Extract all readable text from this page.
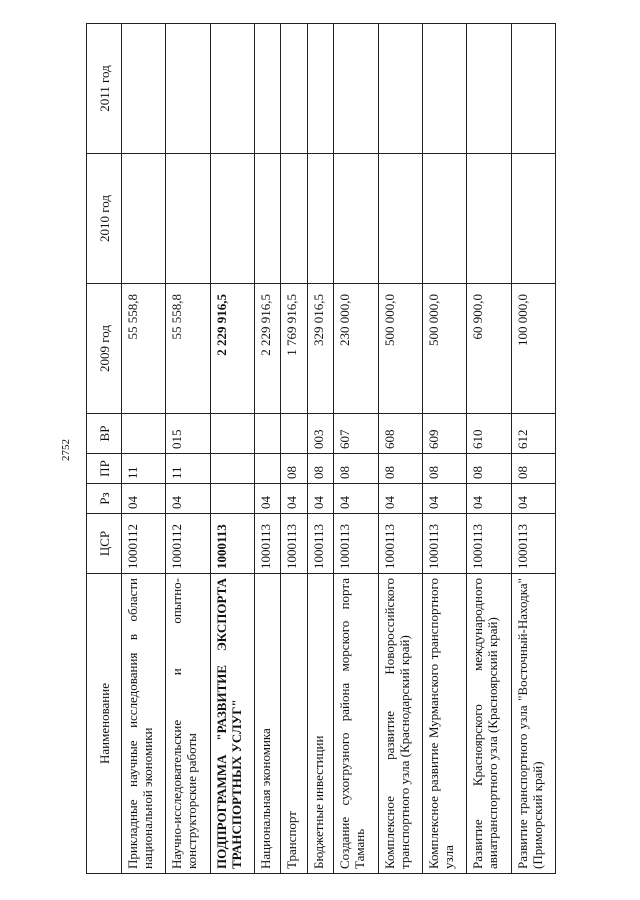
2752
Наименование	ЦСР	Рз	ПР	ВР	2009 год	2010 год	2011 год
Прикладные научные исследования в области национальной экономики	1000112	04	11		55 558,8		
Научно-исследовательские и опытно-конструкторские работы	1000112	04	11	015	55 558,8		
ПОДПРОГРАММА "РАЗВИТИЕ ЭКСПОРТА ТРАНСПОРТНЫХ УСЛУГ"	1000113				2 229 916,5		
Национальная экономика	1000113	04			2 229 916,5		
Транспорт	1000113	04	08		1 769 916,5		
Бюджетные инвестиции	1000113	04	08	003	329 016,5		
Создание сухогрузного района морского порта Тамань	1000113	04	08	607	230 000,0		
Комплексное развитие Новороссийского транспортного узла (Краснодарский край)	1000113	04	08	608	500 000,0		
Комплексное развитие Мурманского транспортного узла	1000113	04	08	609	500 000,0		
Развитие Красноярского международного авиатранспортного узла (Красноярский край)	1000113	04	08	610	60 900,0		
Развитие транспортного узла "Восточный-Находка" (Приморский край)	1000113	04	08	612	100 000,0		
